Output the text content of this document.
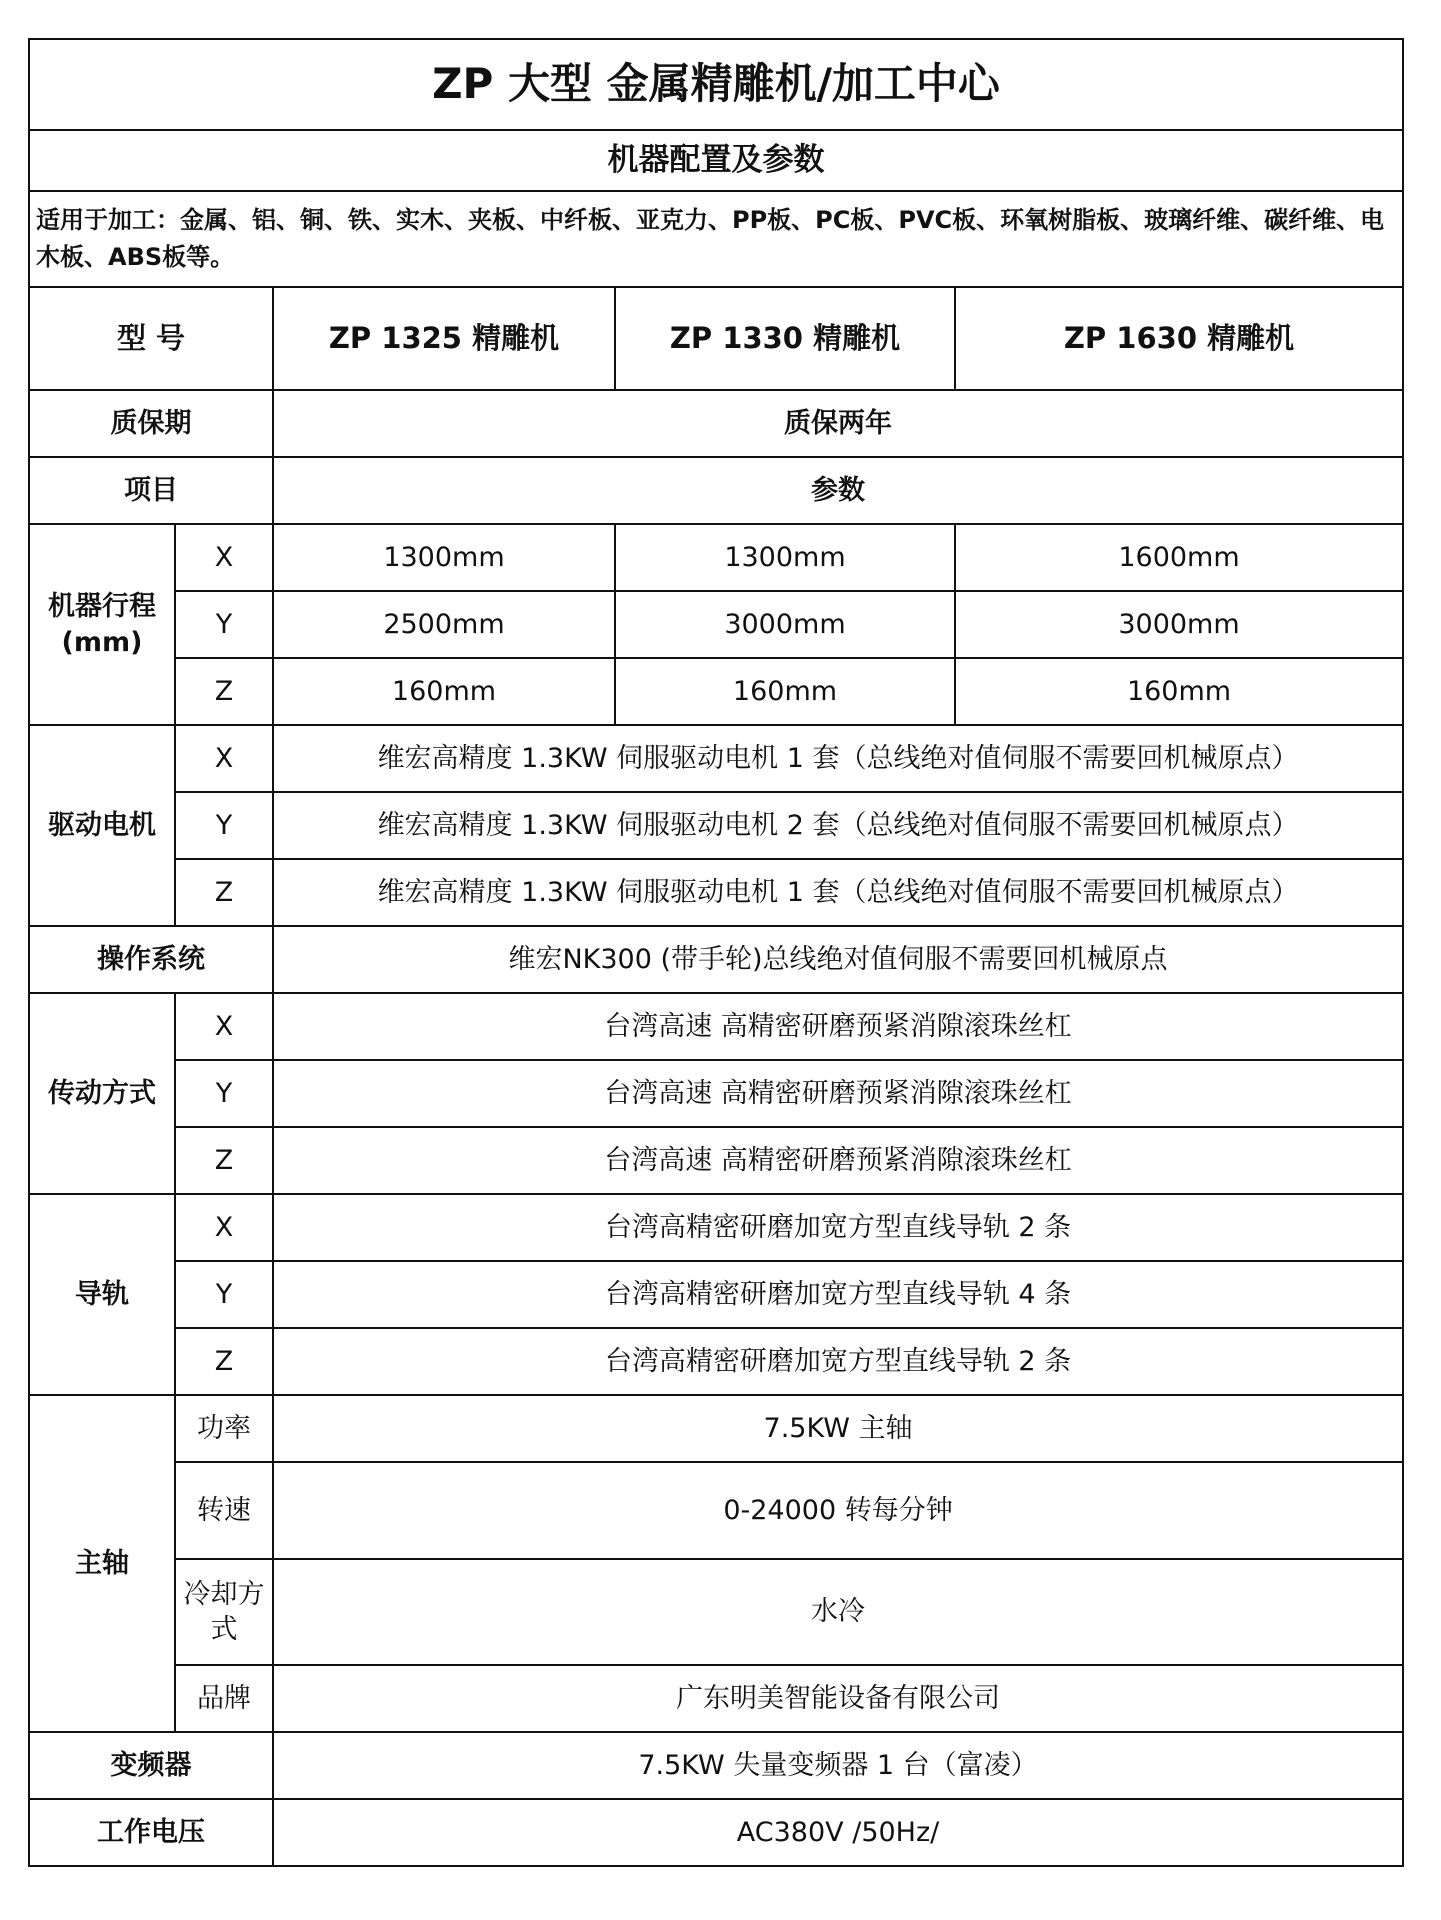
ZP 大型 金属精雕机/加工中心				
机器配置及参数				
适用于加工：金属、铝、铜、铁、实木、夹板、中纤板、亚克力、PP板、PC板、PVC板、环氧树脂板、玻璃纤维、碳纤维、电木板、ABS板等。				
型 号		ZP 1325 精雕机	ZP 1330 精雕机	ZP 1630 精雕机
质保期		质保两年		
项目		参数		
机器行程(mm)	X	1300mm	1300mm	1600mm
	Y	2500mm	3000mm	3000mm
	Z	160mm	160mm	160mm
驱动电机	X	维宏高精度 1.3KW 伺服驱动电机 1 套（总线绝对值伺服不需要回机械原点）		
	Y	维宏高精度 1.3KW 伺服驱动电机 2 套（总线绝对值伺服不需要回机械原点）		
	Z	维宏高精度 1.3KW 伺服驱动电机 1 套（总线绝对值伺服不需要回机械原点）		
操作系统		维宏NK300 (带手轮)总线绝对值伺服不需要回机械原点		
传动方式	X	台湾高速 高精密研磨预紧消隙滚珠丝杠		
	Y	台湾高速 高精密研磨预紧消隙滚珠丝杠		
	Z	台湾高速 高精密研磨预紧消隙滚珠丝杠		
导轨	X	台湾高精密研磨加宽方型直线导轨 2 条		
	Y	台湾高精密研磨加宽方型直线导轨 4 条		
	Z	台湾高精密研磨加宽方型直线导轨 2 条		
主轴	功率	7.5KW 主轴		
	转速	0-24000 转每分钟		
	冷却方式	水冷		
	品牌	广东明美智能设备有限公司		
变频器		7.5KW 失量变频器 1 台（富凌）		
工作电压		AC380V /50Hz/		
